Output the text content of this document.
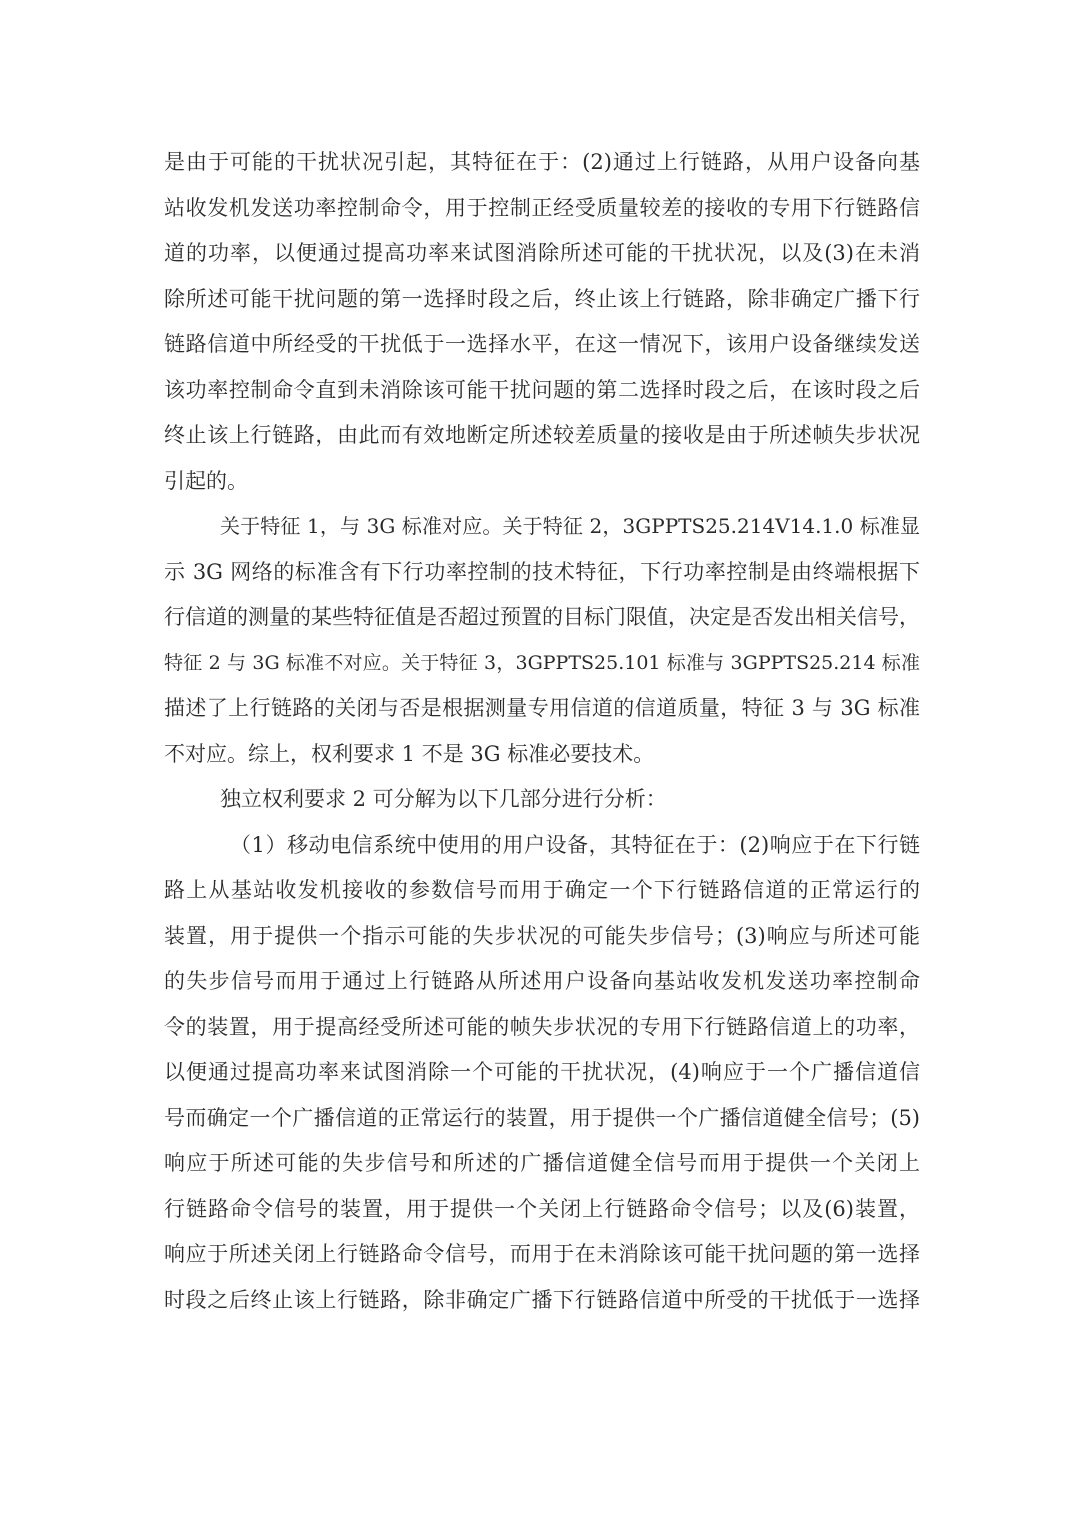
是由于可能的干扰状况引起，其特征在于：(2)通过上行链路，从用户设备向基
站收发机发送功率控制命令，用于控制正经受质量较差的接收的专用下行链路信
道的功率，以便通过提高功率来试图消除所述可能的干扰状况，以及(3)在未消
除所述可能干扰问题的第一选择时段之后，终止该上行链路，除非确定广播下行
链路信道中所经受的干扰低于一选择水平，在这一情况下，该用户设备继续发送
该功率控制命令直到未消除该可能干扰问题的第二选择时段之后，在该时段之后
终止该上行链路，由此而有效地断定所述较差质量的接收是由于所述帧失步状况
引起的。
关于特征 1，与 3G 标准对应。关于特征 2，3GPPTS25.214V14.1.0 标准显
示 3G 网络的标准含有下行功率控制的技术特征，下行功率控制是由终端根据下
行信道的测量的某些特征值是否超过预置的目标门限值，决定是否发出相关信号，
特征 2 与 3G 标准不对应。关于特征 3，3GPPTS25.101 标准与 3GPPTS25.214 标准
描述了上行链路的关闭与否是根据测量专用信道的信道质量，特征 3 与 3G 标准
不对应。综上，权利要求 1 不是 3G 标准必要技术。
独立权利要求 2 可分解为以下几部分进行分析：
（1）移动电信系统中使用的用户设备，其特征在于：(2)响应于在下行链
路上从基站收发机接收的参数信号而用于确定一个下行链路信道的正常运行的
装置，用于提供一个指示可能的失步状况的可能失步信号；(3)响应与所述可能
的失步信号而用于通过上行链路从所述用户设备向基站收发机发送功率控制命
令的装置，用于提高经受所述可能的帧失步状况的专用下行链路信道上的功率，
以便通过提高功率来试图消除一个可能的干扰状况，(4)响应于一个广播信道信
号而确定一个广播信道的正常运行的装置，用于提供一个广播信道健全信号；(5)
响应于所述可能的失步信号和所述的广播信道健全信号而用于提供一个关闭上
行链路命令信号的装置，用于提供一个关闭上行链路命令信号；以及(6)装置，
响应于所述关闭上行链路命令信号，而用于在未消除该可能干扰问题的第一选择
时段之后终止该上行链路，除非确定广播下行链路信道中所受的干扰低于一选择
